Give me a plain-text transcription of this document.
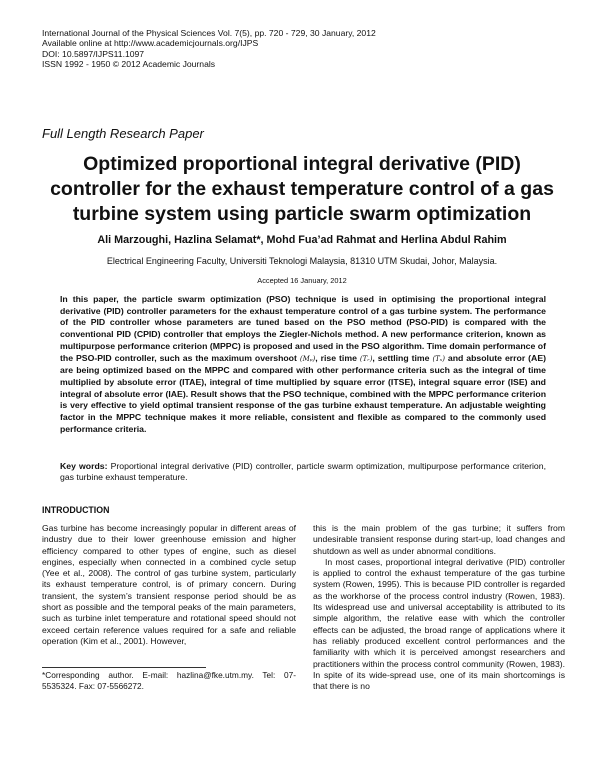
International Journal of the Physical Sciences Vol. 7(5), pp. 720 - 729, 30 January, 2012
Available online at http://www.academicjournals.org/IJPS
DOI: 10.5897/IJPS11.1097
ISSN 1992 - 1950 © 2012 Academic Journals
Full Length Research Paper
Optimized proportional integral derivative (PID) controller for the exhaust temperature control of a gas turbine system using particle swarm optimization
Ali Marzoughi, Hazlina Selamat*, Mohd Fua’ad Rahmat and Herlina Abdul Rahim
Electrical Engineering Faculty, Universiti Teknologi Malaysia, 81310 UTM Skudai, Johor, Malaysia.
Accepted 16 January, 2012

In this paper, the particle swarm optimization (PSO) technique is used in optimising the proportional integral derivative (PID) controller parameters for the exhaust temperature control of a gas turbine system. The performance of the PID controller whose parameters are tuned based on the PSO method (PSO-PID) is compared with the conventional PID (CPID) controller that employs the Ziegler-Nichols method. A new performance criterion, known as multipurpose performance criterion (MPPC) is proposed and used in the PSO algorithm. Time domain performance of the PSO-PID controller, such as the maximum overshoot (Mₚ), rise time (Tᵣ), settling time (Tₛ) and absolute error (AE) are being optimized based on the MPPC and compared with other performance criteria such as the integral of time multiplied by absolute error (ITAE), integral of time multiplied by square error (ITSE), integral square error (ISE) and integral of absolute error (IAE). Result shows that the PSO technique, combined with the MPPC performance criterion is very effective to yield optimal transient response of the gas turbine exhaust temperature. An adjustable weighting factor in the MPPC technique makes it more reliable, consistent and flexible as compared to the commonly used performance criteria.

Key words: Proportional integral derivative (PID) controller, particle swarm optimization, multipurpose performance criterion, gas turbine exhaust temperature.

INTRODUCTION

Gas turbine has become increasingly popular in different areas of industry due to their lower greenhouse emission and higher efficiency compared to other types of engine, such as diesel engines, especially when connected in a combined cycle setup (Yee et al., 2008). The control of gas turbine system, particularly its exhaust temperature control, is of primary concern. During transient, the system’s transient response period should be as short as possible and the temporal peaks of the main parameters, such as turbine inlet temperature and rotational speed should not exceed certain reference values required for a safe and reliable operation (Kim et al., 2001). However,

this is the main problem of the gas turbine; it suffers from undesirable transient response during start-up, load changes and shutdown as well as under abnormal conditions.

In most cases, proportional integral derivative (PID) controller is applied to control the exhaust temperature of the gas turbine system (Rowen, 1995). This is because PID controller is regarded as the workhorse of the process control industry (Rowen, 1983). Its widespread use and universal acceptability is attributed to its simple algorithm, the relative ease with which the controller effects can be adjusted, the broad range of applications where it has reliably produced excellent control performances and the familiarity with which it is perceived amongst researchers and practitioners within the process control community (Rowen, 1983). In spite of its wide-spread use, one of its main shortcomings is that there is no

*Corresponding author. E-mail: hazlina@fke.utm.my. Tel: 07-5535324. Fax: 07-5566272.
